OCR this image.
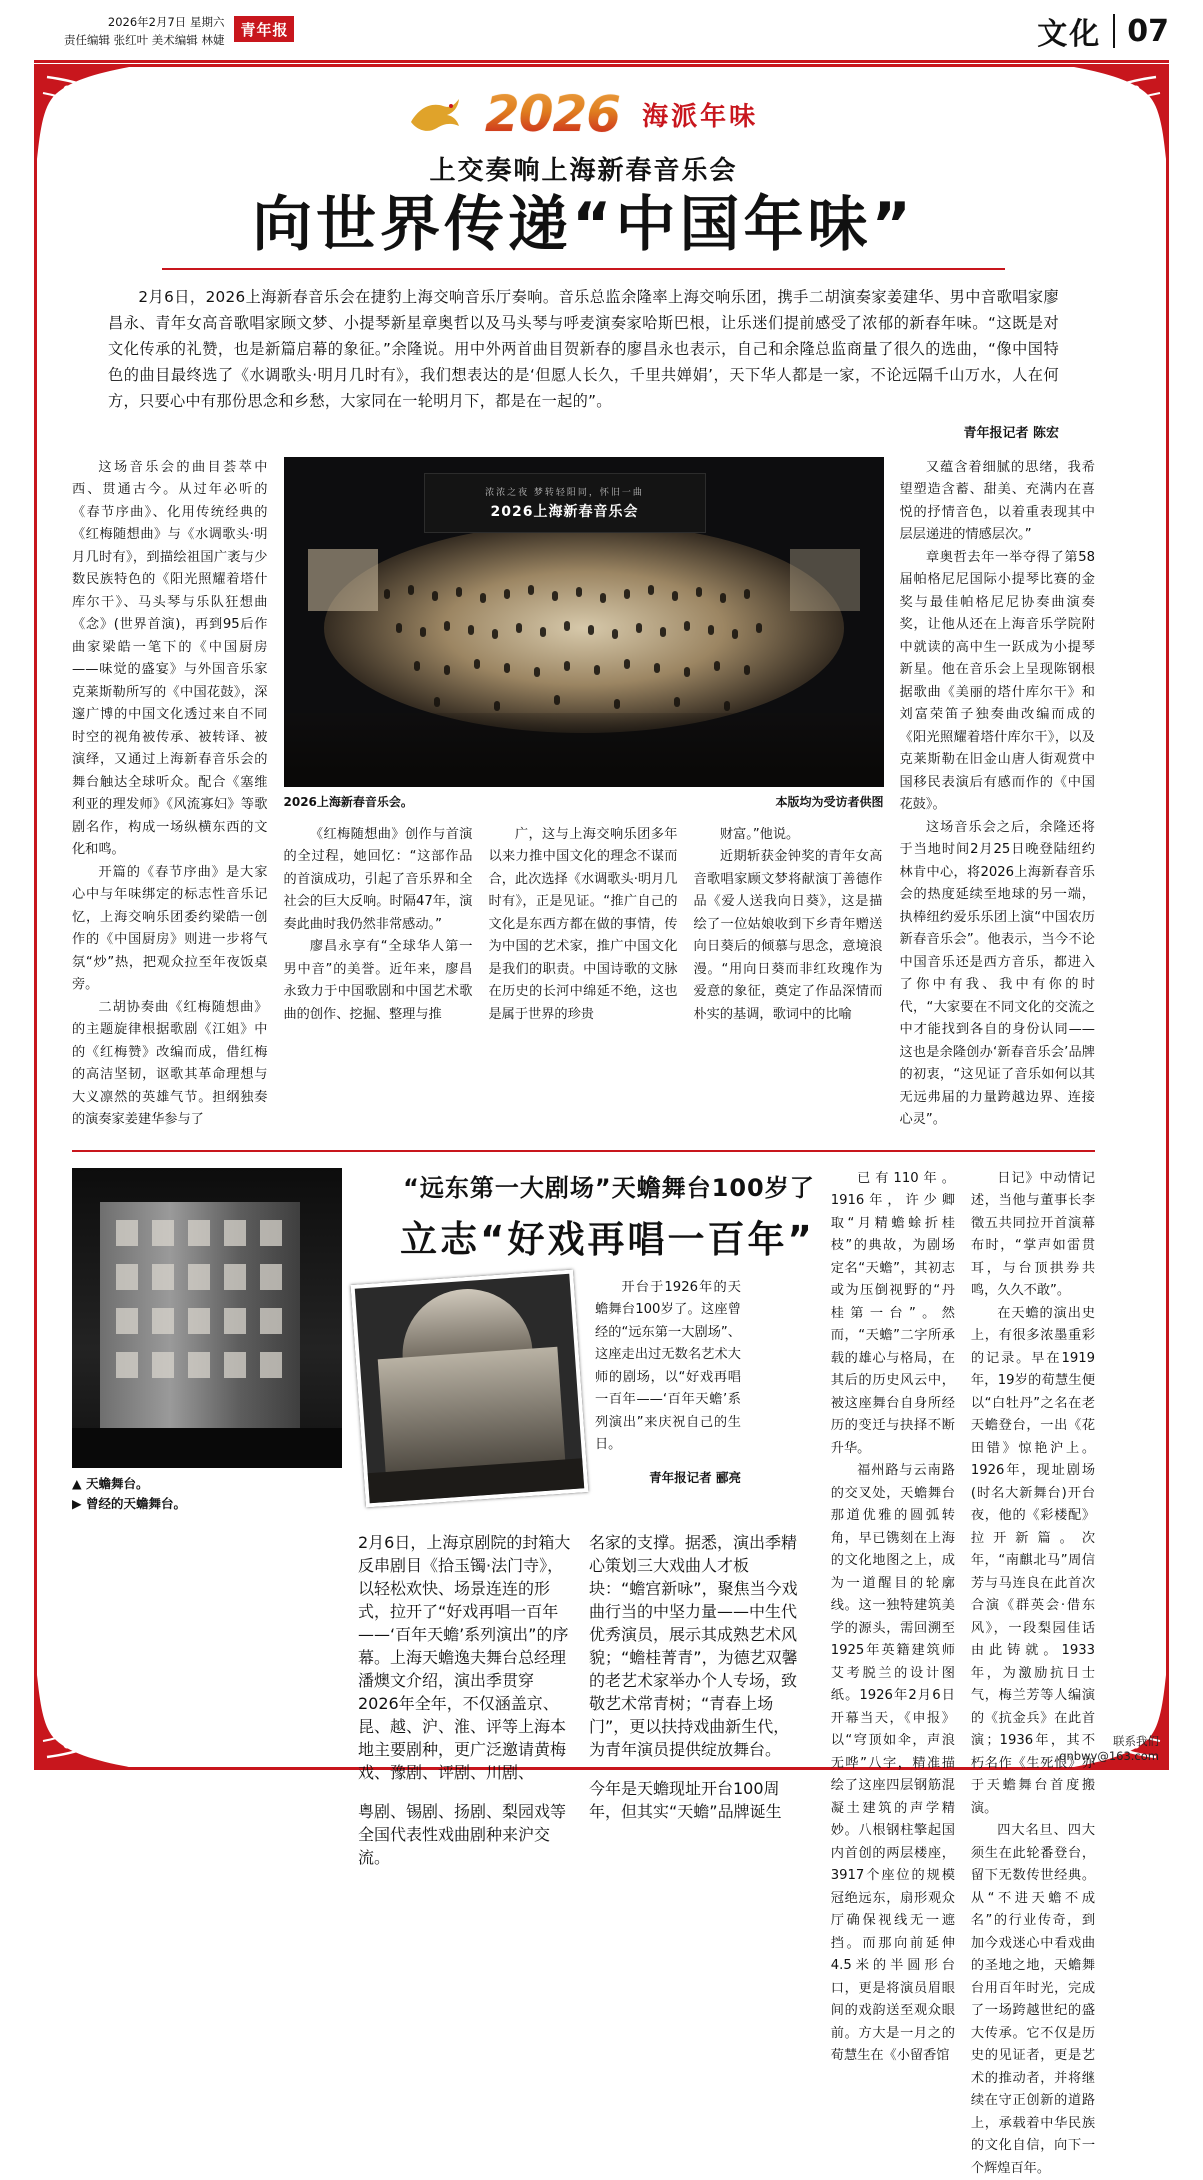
2026年2月7日 星期六
责任编辑 张红叶 美术编辑 林婕
青年报	文化 07
2026 海派年味
上交奏响上海新春音乐会
向世界传递“中国年味”

2月6日，2026上海新春音乐会在捷豹上海交响音乐厅奏响。音乐总监余隆率上海交响乐团，携手二胡演奏家姜建华、男中音歌唱家廖昌永、青年女高音歌唱家顾文梦、小提琴新星章奥哲以及马头琴与呼麦演奏家哈斯巴根，让乐迷们提前感受了浓郁的新春年味。“这既是对文化传承的礼赞，也是新篇启幕的象征。”余隆说。用中外两首曲目贺新春的廖昌永也表示，自己和余隆总监商量了很久的选曲，“像中国特色的曲目最终选了《水调歌头·明月几时有》，我们想表达的是‘但愿人长久，千里共婵娟’，天下华人都是一家，不论远隔千山万水，人在何方，只要心中有那份思念和乡愁，大家同在一轮明月下，都是在一起的”。

青年报记者 陈宏

这场音乐会的曲目荟萃中西、贯通古今。从过年必听的《春节序曲》、化用传统经典的《红梅随想曲》与《水调歌头·明月几时有》，到描绘祖国广袤与少数民族特色的《阳光照耀着塔什库尔干》、马头琴与乐队狂想曲《念》(世界首演)，再到95后作曲家梁皓一笔下的《中国厨房——味觉的盛宴》与外国音乐家克莱斯勒所写的《中国花鼓》，深邃广博的中国文化透过来自不同时空的视角被传承、被转译、被演绎，又通过上海新春音乐会的舞台触达全球听众。配合《塞维利亚的理发师》《风流寡妇》等歌剧名作，构成一场纵横东西的文化和鸣。

开篇的《春节序曲》是大家心中与年味绑定的标志性音乐记忆，上海交响乐团委约梁皓一创作的《中国厨房》则进一步将气氛“炒”热，把观众拉至年夜饭桌旁。

二胡协奏曲《红梅随想曲》的主题旋律根据歌剧《江姐》中的《红梅赞》改编而成，借红梅的高洁坚韧，讴歌其革命理想与大义凛然的英雄气节。担纲独奏的演奏家姜建华参与了

浓浓之夜 梦转轻阳同，怀旧一曲
2026上海新春音乐会
2026上海新春音乐会。	本版均为受访者供图

《红梅随想曲》创作与首演的全过程，她回忆：“这部作品的首演成功，引起了音乐界和全社会的巨大反响。时隔47年，演奏此曲时我仍然非常感动。”

廖昌永享有“全球华人第一男中音”的美誉。近年来，廖昌永致力于中国歌剧和中国艺术歌曲的创作、挖掘、整理与推

广，这与上海交响乐团多年以来力推中国文化的理念不谋而合，此次选择《水调歌头·明月几时有》，正是见证。“推广自己的文化是东西方都在做的事情，传为中国的艺术家，推广中国文化是我们的职责。中国诗歌的文脉在历史的长河中绵延不绝，这也是属于世界的珍贵

财富。”他说。

近期斩获金钟奖的青年女高音歌唱家顾文梦将献演丁善德作品《爱人送我向日葵》，这是描绘了一位姑娘收到下乡青年赠送向日葵后的倾慕与思念，意境浪漫。“用向日葵而非红玫瑰作为爱意的象征，奠定了作品深情而朴实的基调，歌词中的比喻

又蕴含着细腻的思绪，我希望塑造含蓄、甜美、充满内在喜悦的抒情音色，以着重表现其中层层递进的情感层次。”

章奥哲去年一举夺得了第58届帕格尼尼国际小提琴比赛的金奖与最佳帕格尼尼协奏曲演奏奖，让他从还在上海音乐学院附中就读的高中生一跃成为小提琴新星。他在音乐会上呈现陈钢根据歌曲《美丽的塔什库尔干》和刘富荣笛子独奏曲改编而成的《阳光照耀着塔什库尔干》，以及克莱斯勒在旧金山唐人街观赏中国移民表演后有感而作的《中国花鼓》。

这场音乐会之后，余隆还将于当地时间2月25日晚登陆纽约林肯中心，将2026上海新春音乐会的热度延续至地球的另一端，执棒纽约爱乐乐团上演“中国农历新春音乐会”。他表示，当今不论中国音乐还是西方音乐，都进入了你中有我、我中有你的时代，“大家要在不同文化的交流之中才能找到各自的身份认同——这也是余隆创办‘新春音乐会’品牌的初衷，“这见证了音乐如何以其无远弗届的力量跨越边界、连接心灵”。

▲ 天蟾舞台。
▶ 曾经的天蟾舞台。
“远东第一大剧场”天蟾舞台100岁了
立志“好戏再唱一百年”

开台于1926年的天蟾舞台100岁了。这座曾经的“远东第一大剧场”、这座走出过无数名艺术大师的剧场，以“好戏再唱一百年——‘百年天蟾’系列演出”来庆祝自己的生日。

青年报记者 郦亮

2月6日，上海京剧院的封箱大反串剧目《拾玉镯·法门寺》，以轻松欢快、场景连连的形式，拉开了“好戏再唱一百年——‘百年天蟾’系列演出”的序幕。上海天蟾逸夫舞台总经理潘燠文介绍，演出季贯穿2026年全年，不仅涵盖京、昆、越、沪、淮、评等上海本地主要剧种，更广泛邀请黄梅戏、豫剧、评剧、川剧、

粤剧、锡剧、扬剧、梨园戏等全国代表性戏曲剧种来沪交流。

名家的支撑。据悉，演出季精心策划三大戏曲人才板块：“蟾宫新咏”，聚焦当今戏曲行当的中坚力量——中生代优秀演员，展示其成熟艺术风貌；“蟾桂菁青”，为德艺双馨的老艺术家举办个人专场，致敬艺术常青树；“青春上场门”，更以扶持戏曲新生代，为青年演员提供绽放舞台。

今年是天蟾现址开台100周年，但其实“天蟾”品牌诞生

已有110年。1916年，许少卿取“月精蟾蜍折桂枝”的典故，为剧场定名“天蟾”，其初志或为压倒视野的“丹桂第一台”。然而，“天蟾”二字所承载的雄心与格局，在其后的历史风云中，被这座舞台自身所经历的变迁与抉择不断升华。

福州路与云南路的交叉处，天蟾舞台那道优雅的圆弧转角，早已镌刻在上海的文化地图之上，成为一道醒目的轮廓线。这一独特建筑美学的源头，需回溯至1925年英籍建筑师艾考脱兰的设计图纸。1926年2月6日开幕当天，《申报》以“穹顶如伞，声浪无哗”八字，精准描绘了这座四层钢筋混凝土建筑的声学精妙。八根钢柱擎起国内首创的两层楼座，3917个座位的规模冠绝远东，扇形观众厅确保视线无一遮挡。而那向前延伸4.5米的半圆形台口，更是将演员眉眼间的戏韵送至观众眼前。方大是一月之的荀慧生在《小留香馆

日记》中动情记述，当他与董事长李徵五共同拉开首演幕布时，“掌声如雷贯耳，与台顶拱券共鸣，久久不敢”。

在天蟾的演出史上，有很多浓墨重彩的记录。早在1919年，19岁的荀慧生便以“白牡丹”之名在老天蟾登台，一出《花田错》惊艳沪上。1926年，现址剧场(时名大新舞台)开台夜，他的《彩楼配》拉开新篇。次年，“南麒北马”周信芳与马连良在此首次合演《群英会·借东风》，一段梨园佳话由此铸就。1933年，为激励抗日士气，梅兰芳等人编演的《抗金兵》在此首演；1936年，其不朽名作《生死恨》亦于天蟾舞台首度搬演。

四大名旦、四大须生在此轮番登台，留下无数传世经典。从“不进天蟾不成名”的行业传奇，到加今戏迷心中看戏曲的圣地之地，天蟾舞台用百年时光，完成了一场跨越世纪的盛大传承。它不仅是历史的见证者，更是艺术的推动者，并将继续在守正创新的道路上，承载着中华民族的文化自信，向下一个辉煌百年。

联系我们
qnbwy@163.com
